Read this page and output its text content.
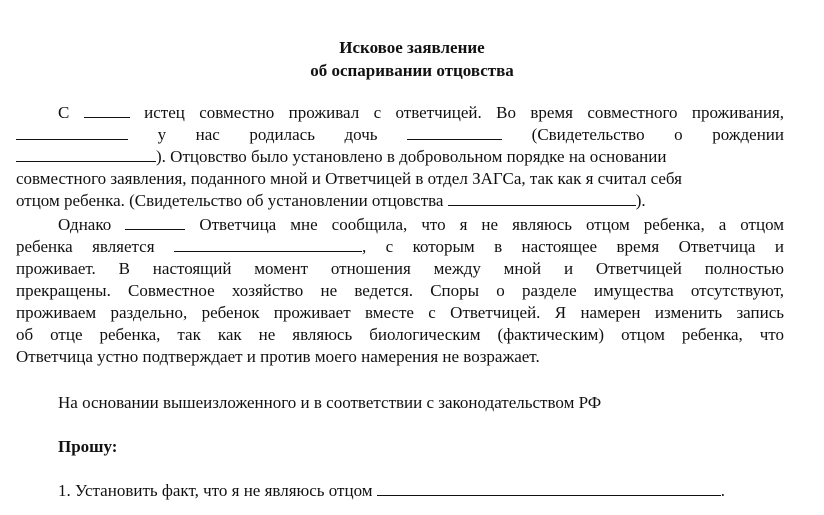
Исковое заявление
об оспаривании отцовства
С	истец совместно проживал с ответчицей. Во время совместного проживания,
у нас родилась дочь	(Свидетельство о рождении
). Отцовство было установлено в добровольном порядке на основании
совместного заявления, поданного мной и Ответчицей в отдел ЗАГСа, так как я считал себя
отцом ребенка. (Свидетельство об установлении отцовства	).
Однако	Ответчица мне сообщила, что я не являюсь отцом ребенка, а отцом
ребенка является	, с которым в настоящее время Ответчица и
проживает. В настоящий момент отношения между мной и Ответчицей полностью
прекращены. Совместное хозяйство не ведется. Споры о разделе имущества отсутствуют,
проживаем раздельно, ребенок проживает вместе с Ответчицей. Я намерен изменить запись
об отце ребенка, так как не являюсь биологическим (фактическим) отцом ребенка, что
Ответчица устно подтверждает и против моего намерения не возражает.
На основании вышеизложенного и в соответствии с законодательством РФ
Прошу:
1. Установить факт, что я не являюсь отцом	.
